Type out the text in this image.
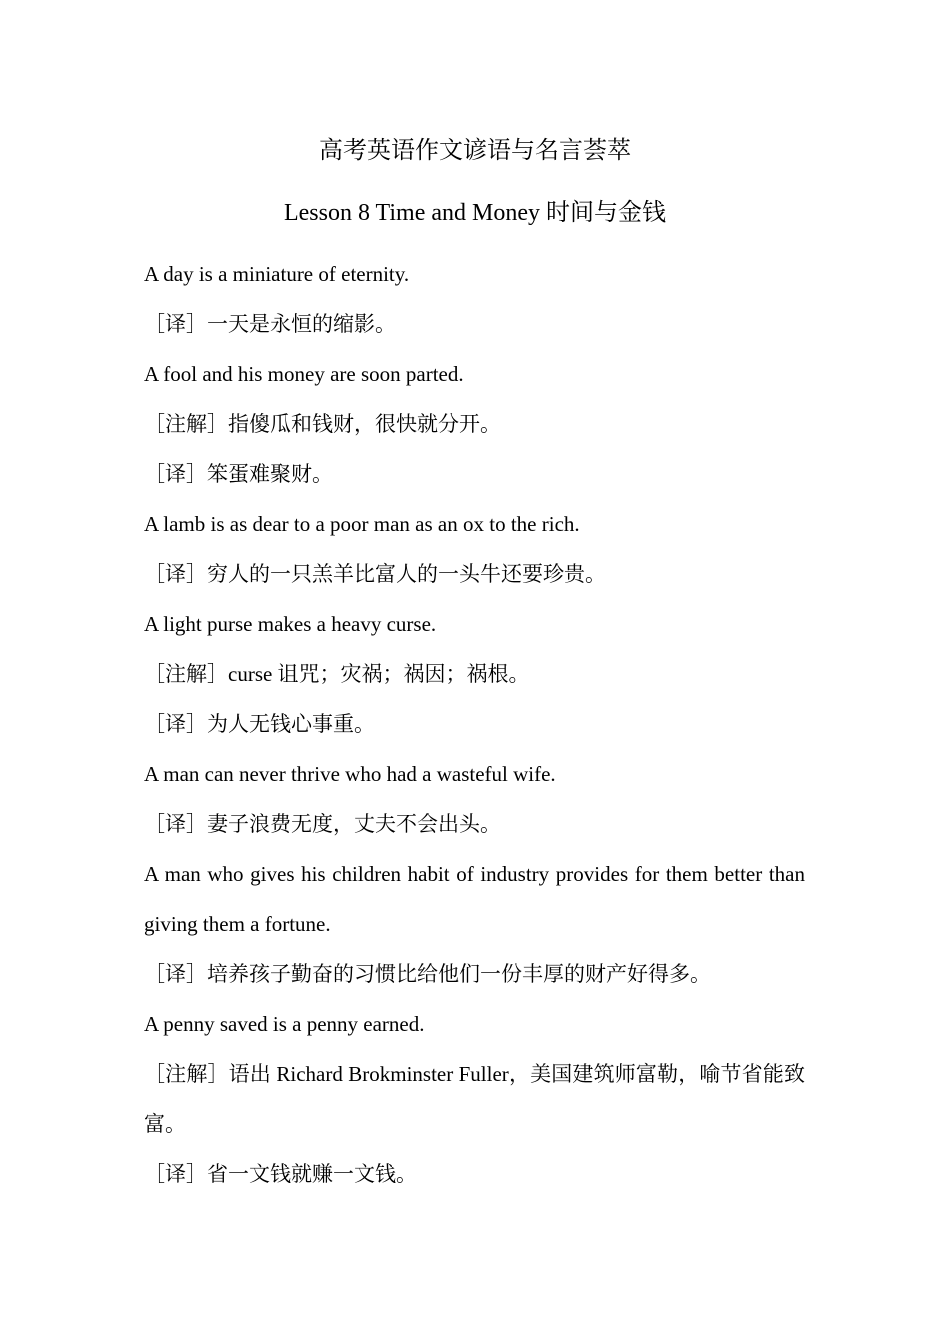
高考英语作文谚语与名言荟萃
Lesson 8 Time and Money 时间与金钱
A day is a miniature of eternity.
［译］一天是永恒的缩影。
A fool and his money are soon parted.
［注解］指傻瓜和钱财，很快就分开。
［译］笨蛋难聚财。
A lamb is as dear to a poor man as an ox to the rich.
［译］穷人的一只羔羊比富人的一头牛还要珍贵。
A light purse makes a heavy curse.
［注解］curse 诅咒；灾祸；祸因；祸根。
［译］为人无钱心事重。
A man can never thrive who had a wasteful wife.
［译］妻子浪费无度，丈夫不会出头。
A man who gives his children habit of industry provides for them better than giving them a fortune.
［译］培养孩子勤奋的习惯比给他们一份丰厚的财产好得多。
A penny saved is a penny earned.
［注解］语出 Richard Brokminster Fuller，美国建筑师富勒，喻节省能致富。
［译］省一文钱就赚一文钱。
